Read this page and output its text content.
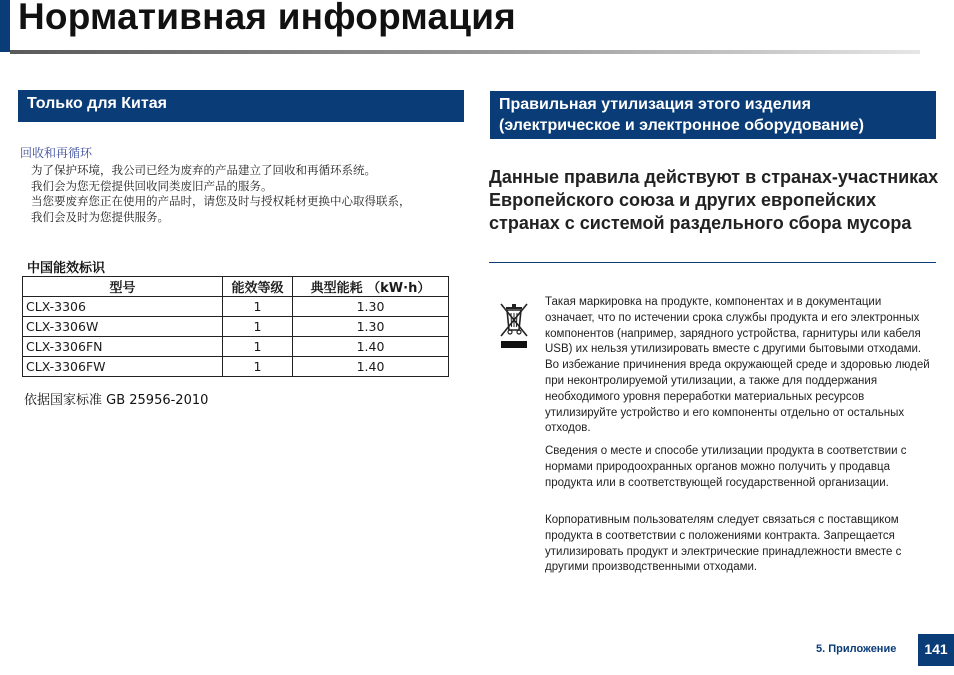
Нормативная информация
Только для Китая
回收和再循环
为了保护环境，我公司已经为废弃的产品建立了回收和再循环系统。
我们会为您无偿提供回收同类废旧产品的服务。
当您要废弃您正在使用的产品时，请您及时与授权耗材更换中心取得联系，
我们会及时为您提供服务。
中国能效标识
型号	能效等级	典型能耗 （kW·h）
CLX-3306	1	1.30
CLX-3306W	1	1.30
CLX-3306FN	1	1.40
CLX-3306FW	1	1.40
依据国家标准 GB 25956-2010
Правильная утилизация этого изделия
(электрическое и электронное оборудование)
Данные правила действуют в странах-участниках Европейского союза и других европейских странах с системой раздельного сбора мусора

Такая маркировка на продукте, компонентах и в документации означает, что по истечении срока службы продукта и его электронных компонентов (например, зарядного устройства, гарнитуры или кабеля USB) их нельзя утилизировать вместе с другими бытовыми отходами. Во избежание причинения вреда окружающей среде и здоровью людей при неконтролируемой утилизации, а также для поддержания необходимого уровня переработки материальных ресурсов утилизируйте устройство и его компоненты отдельно от остальных отходов.

Сведения о месте и способе утилизации продукта в соответствии с нормами природоохранных органов можно получить у продавца продукта или в соответствующей государственной организации.

Корпоративным пользователям следует связаться с поставщиком продукта в соответствии с положениями контракта. Запрещается утилизировать продукт и электрические принадлежности вместе с другими производственными отходами.

5. Приложение	141
